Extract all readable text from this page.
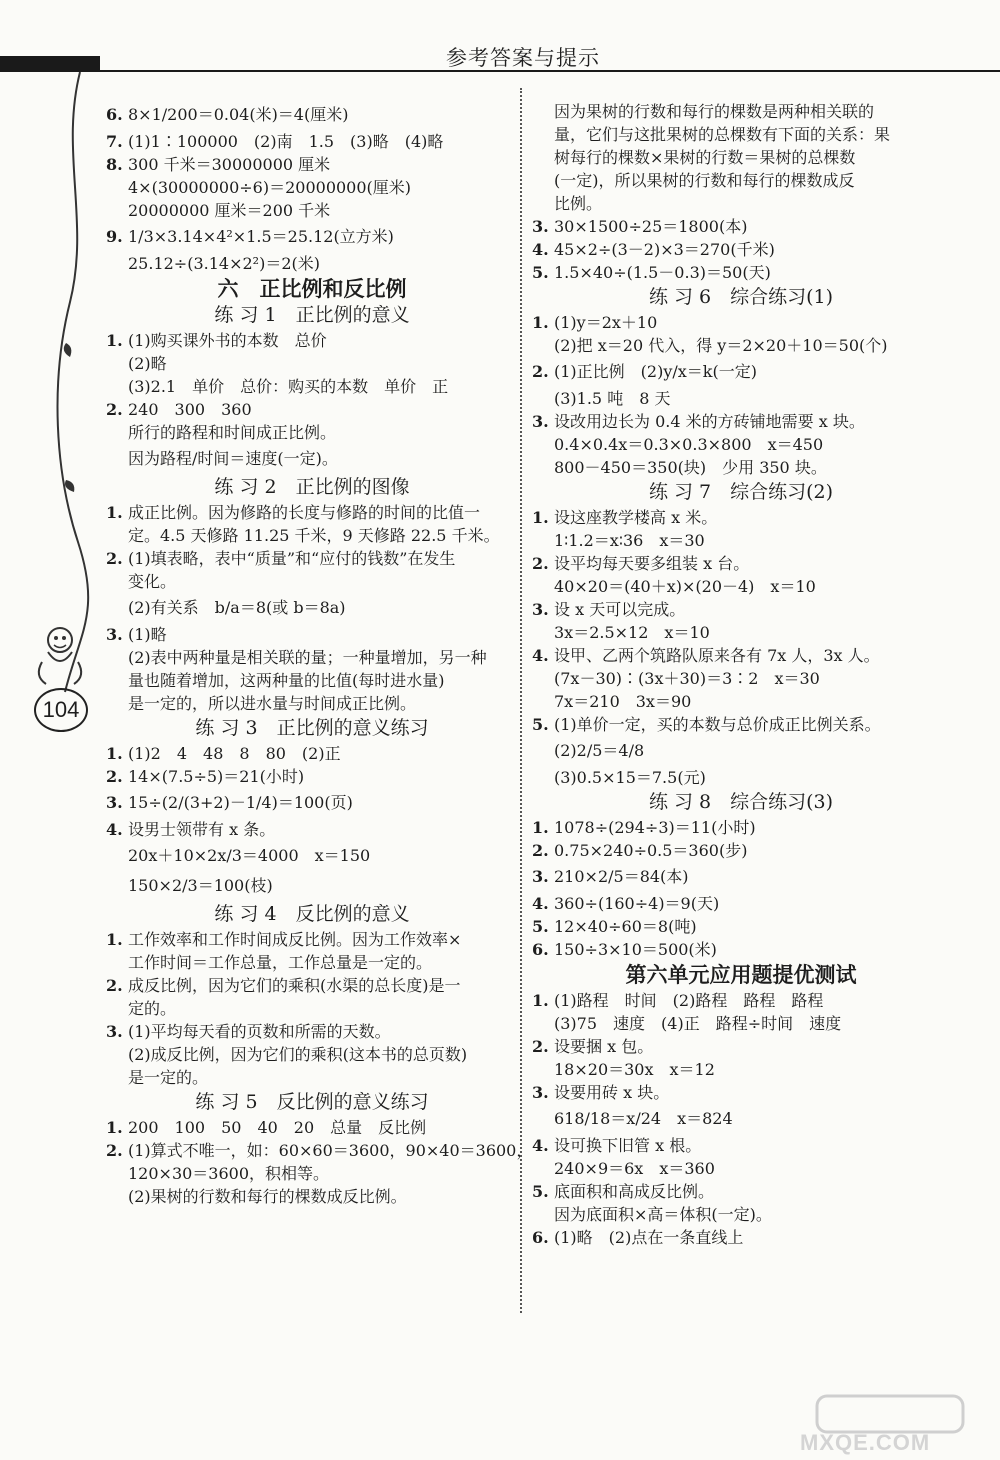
参考答案与提示
104
6. 8×1/200＝0.04(米)＝4(厘米)
7. (1)1∶100000　(2)南　1.5　(3)略　(4)略
8. 300 千米＝30000000 厘米
4×(30000000÷6)＝20000000(厘米)
20000000 厘米＝200 千米
9. 1/3×3.14×4²×1.5＝25.12(立方米)
25.12÷(3.14×2²)＝2(米)
六　正比例和反比例
练 习 1　正比例的意义
1. (1)购买课外书的本数　总价
(2)略
(3)2.1　单价　总价：购买的本数　单价　正
2. 240　300　360
所行的路程和时间成正比例。
因为路程/时间＝速度(一定)。
练 习 2　正比例的图像
1. 成正比例。因为修路的长度与修路的时间的比值一
定。4.5 天修路 11.25 千米，9 天修路 22.5 千米。
2. (1)填表略，表中“质量”和“应付的钱数”在发生
变化。
(2)有关系　b/a＝8(或 b＝8a)
3. (1)略
(2)表中两种量是相关联的量；一种量增加，另一种
量也随着增加，这两种量的比值(每时进水量)
是一定的，所以进水量与时间成正比例。
练 习 3　正比例的意义练习
1. (1)2　4　48　8　80　(2)正
2. 14×(7.5÷5)＝21(小时)
3. 15÷(2/(3+2)－1/4)＝100(页)
4. 设男士领带有 x 条。
20x＋10×2x/3＝4000　x＝150
150×2/3＝100(枝)
练 习 4　反比例的意义
1. 工作效率和工作时间成反比例。因为工作效率×
工作时间＝工作总量，工作总量是一定的。
2. 成反比例，因为它们的乘积(水渠的总长度)是一
定的。
3. (1)平均每天看的页数和所需的天数。
(2)成反比例，因为它们的乘积(这本书的总页数)
是一定的。
练 习 5　反比例的意义练习
1. 200　100　50　40　20　总量　反比例
2. (1)算式不唯一，如：60×60＝3600，90×40＝3600，
120×30＝3600，积相等。
(2)果树的行数和每行的棵数成反比例。
因为果树的行数和每行的棵数是两种相关联的
量，它们与这批果树的总棵数有下面的关系：果
树每行的棵数×果树的行数＝果树的总棵数
(一定)，所以果树的行数和每行的棵数成反
比例。
3. 30×1500÷25＝1800(本)
4. 45×2÷(3－2)×3＝270(千米)
5. 1.5×40÷(1.5－0.3)＝50(天)
练 习 6　综合练习(1)
1. (1)y＝2x＋10
(2)把 x＝20 代入，得 y＝2×20＋10＝50(个)
2. (1)正比例　(2)y/x＝k(一定)
(3)1.5 吨　8 天
3. 设改用边长为 0.4 米的方砖铺地需要 x 块。
0.4×0.4x＝0.3×0.3×800　x＝450
800－450＝350(块)　少用 350 块。
练 习 7　综合练习(2)
1. 设这座教学楼高 x 米。
1∶1.2＝x∶36　x＝30
2. 设平均每天要多组装 x 台。
40×20＝(40＋x)×(20－4)　x＝10
3. 设 x 天可以完成。
3x＝2.5×12　x＝10
4. 设甲、乙两个筑路队原来各有 7x 人，3x 人。
(7x－30)∶(3x＋30)＝3∶2　x＝30
7x＝210　3x＝90
5. (1)单价一定，买的本数与总价成正比例关系。
(2)2/5＝4/8
(3)0.5×15＝7.5(元)
练 习 8　综合练习(3)
1. 1078÷(294÷3)＝11(小时)
2. 0.75×240÷0.5＝360(步)
3. 210×2/5＝84(本)
4. 360÷(160÷4)＝9(天)
5. 12×40÷60＝8(吨)
6. 150÷3×10＝500(米)
第六单元应用题提优测试
1. (1)路程　时间　(2)路程　路程　路程
(3)75　速度　(4)正　路程÷时间　速度
2. 设要捆 x 包。
18×20＝30x　x＝12
3. 设要用砖 x 块。
618/18＝x/24　x＝824
4. 设可换下旧管 x 根。
240×9＝6x　x＝360
5. 底面积和高成反比例。
因为底面积×高＝体积(一定)。
6. (1)略　(2)点在一条直线上
MXQE.COM
